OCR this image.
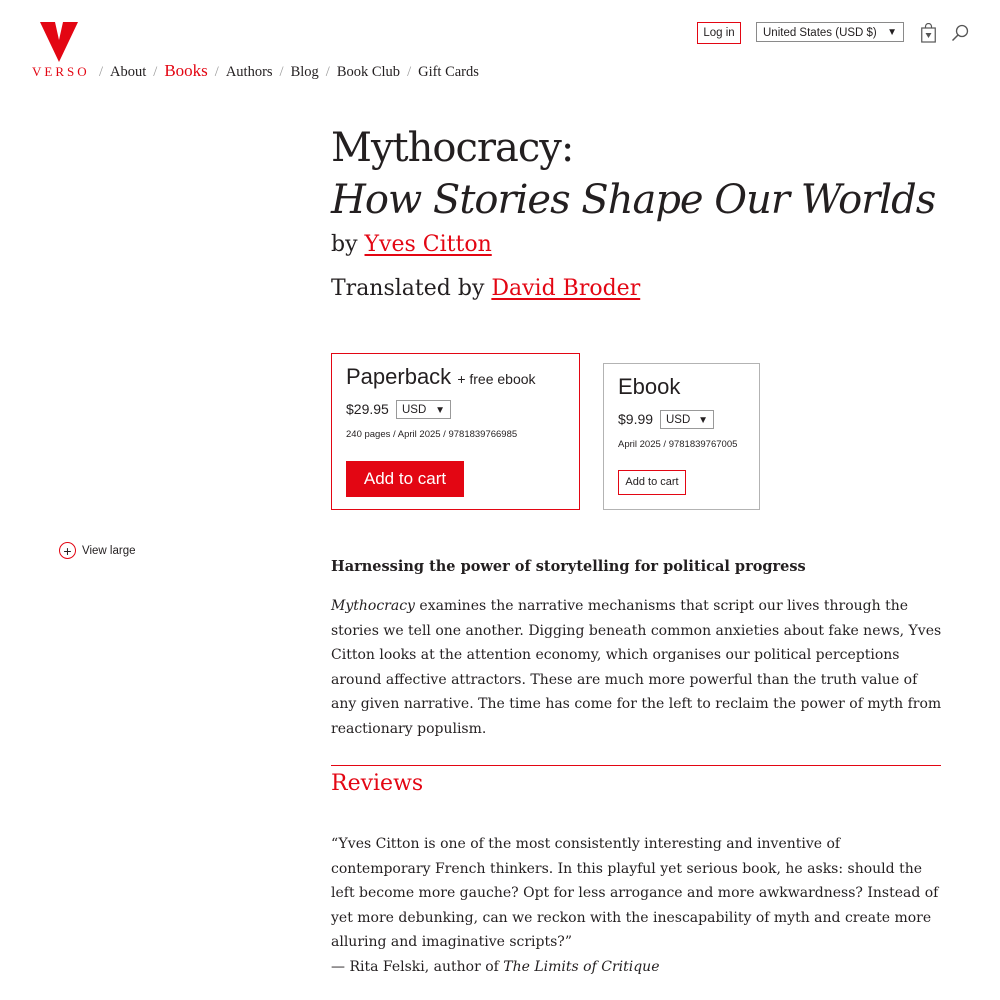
VERSO / About / Books / Authors / Blog / Book Club / Gift Cards
Log in	United States (USD $) ▼
Mythocracy:
How Stories Shape Our Worlds
by Yves Citton
Translated by David Broder
Paperback + free ebook
$29.95	USD ▼
240 pages / April 2025 / 9781839766985
Add to cart
Ebook
$9.99	USD ▼
April 2025 / 9781839767005
Add to cart
+ View large
Harnessing the power of storytelling for political progress
Mythocracy examines the narrative mechanisms that script our lives through the stories we tell one another. Digging beneath common anxieties about fake news, Yves Citton looks at the attention economy, which organises our political perceptions around affective attractors. These are much more powerful than the truth value of any given narrative. The time has come for the left to reclaim the power of myth from reactionary populism.
Reviews
“Yves Citton is one of the most consistently interesting and inventive of contemporary French thinkers. In this playful yet serious book, he asks: should the left become more gauche? Opt for less arrogance and more awkwardness? Instead of yet more debunking, can we reckon with the inescapability of myth and create more alluring and imaginative scripts?”
— Rita Felski, author of The Limits of Critique
